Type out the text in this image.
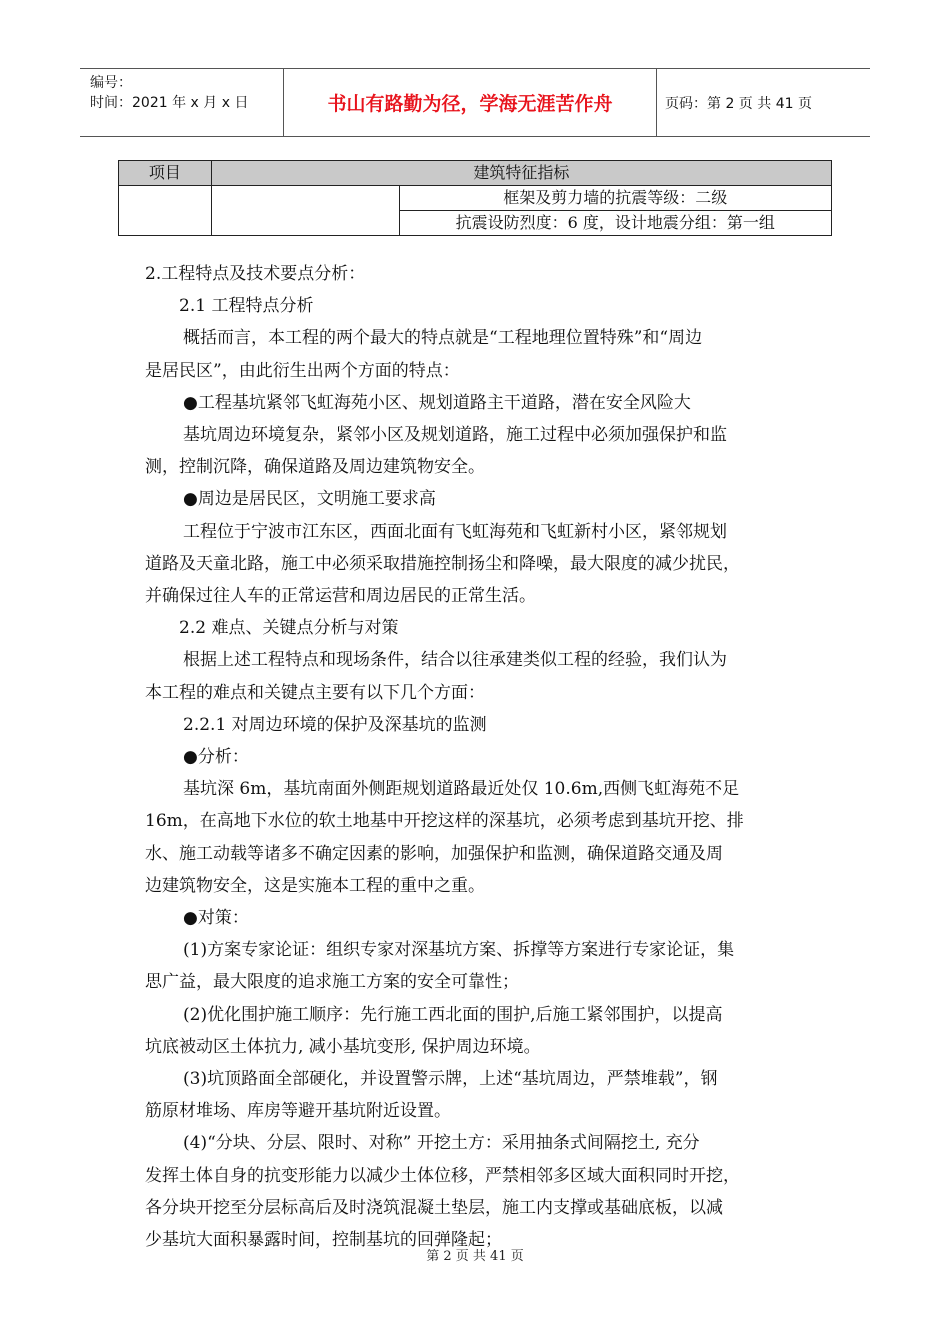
编号：
时间：2021 年 x 月 x 日	书山有路勤为径，学海无涯苦作舟	页码：第 2 页 共 41 页
项目	建筑特征指标	
		框架及剪力墙的抗震等级：二级
		抗震设防烈度：6 度，设计地震分组：第一组

2.工程特点及技术要点分析：

2.1 工程特点分析

概括而言，本工程的两个最大的特点就是“工程地理位置特殊”和“周边

是居民区”，由此衍生出两个方面的特点：

●工程基坑紧邻飞虹海苑小区、规划道路主干道路，潜在安全风险大

基坑周边环境复杂，紧邻小区及规划道路，施工过程中必须加强保护和监

测，控制沉降，确保道路及周边建筑物安全。

●周边是居民区，文明施工要求高

工程位于宁波市江东区，西面北面有飞虹海苑和飞虹新村小区，紧邻规划

道路及天童北路，施工中必须采取措施控制扬尘和降噪，最大限度的减少扰民，

并确保过往人车的正常运营和周边居民的正常生活。

2.2 难点、关键点分析与对策

根据上述工程特点和现场条件，结合以往承建类似工程的经验，我们认为

本工程的难点和关键点主要有以下几个方面：

2.2.1 对周边环境的保护及深基坑的监测

●分析：

基坑深 6m，基坑南面外侧距规划道路最近处仅 10.6m,西侧飞虹海苑不足

16m，在高地下水位的软土地基中开挖这样的深基坑，必须考虑到基坑开挖、排

水、施工动载等诸多不确定因素的影响，加强保护和监测，确保道路交通及周

边建筑物安全，这是实施本工程的重中之重。

●对策：

(1)方案专家论证：组织专家对深基坑方案、拆撑等方案进行专家论证，集

思广益，最大限度的追求施工方案的安全可靠性；

(2)优化围护施工顺序：先行施工西北面的围护,后施工紧邻围护，以提高

坑底被动区土体抗力, 减小基坑变形, 保护周边环境。

(3)坑顶路面全部硬化，并设置警示牌，上述“基坑周边，严禁堆载”，钢

筋原材堆场、库房等避开基坑附近设置。

(4)“分块、分层、限时、对称” 开挖土方：采用抽条式间隔挖土, 充分

发挥土体自身的抗变形能力以减少土体位移，严禁相邻多区域大面积同时开挖，

各分块开挖至分层标高后及时浇筑混凝土垫层，施工内支撑或基础底板，以减

少基坑大面积暴露时间，控制基坑的回弹隆起；

第 2 页 共 41 页
